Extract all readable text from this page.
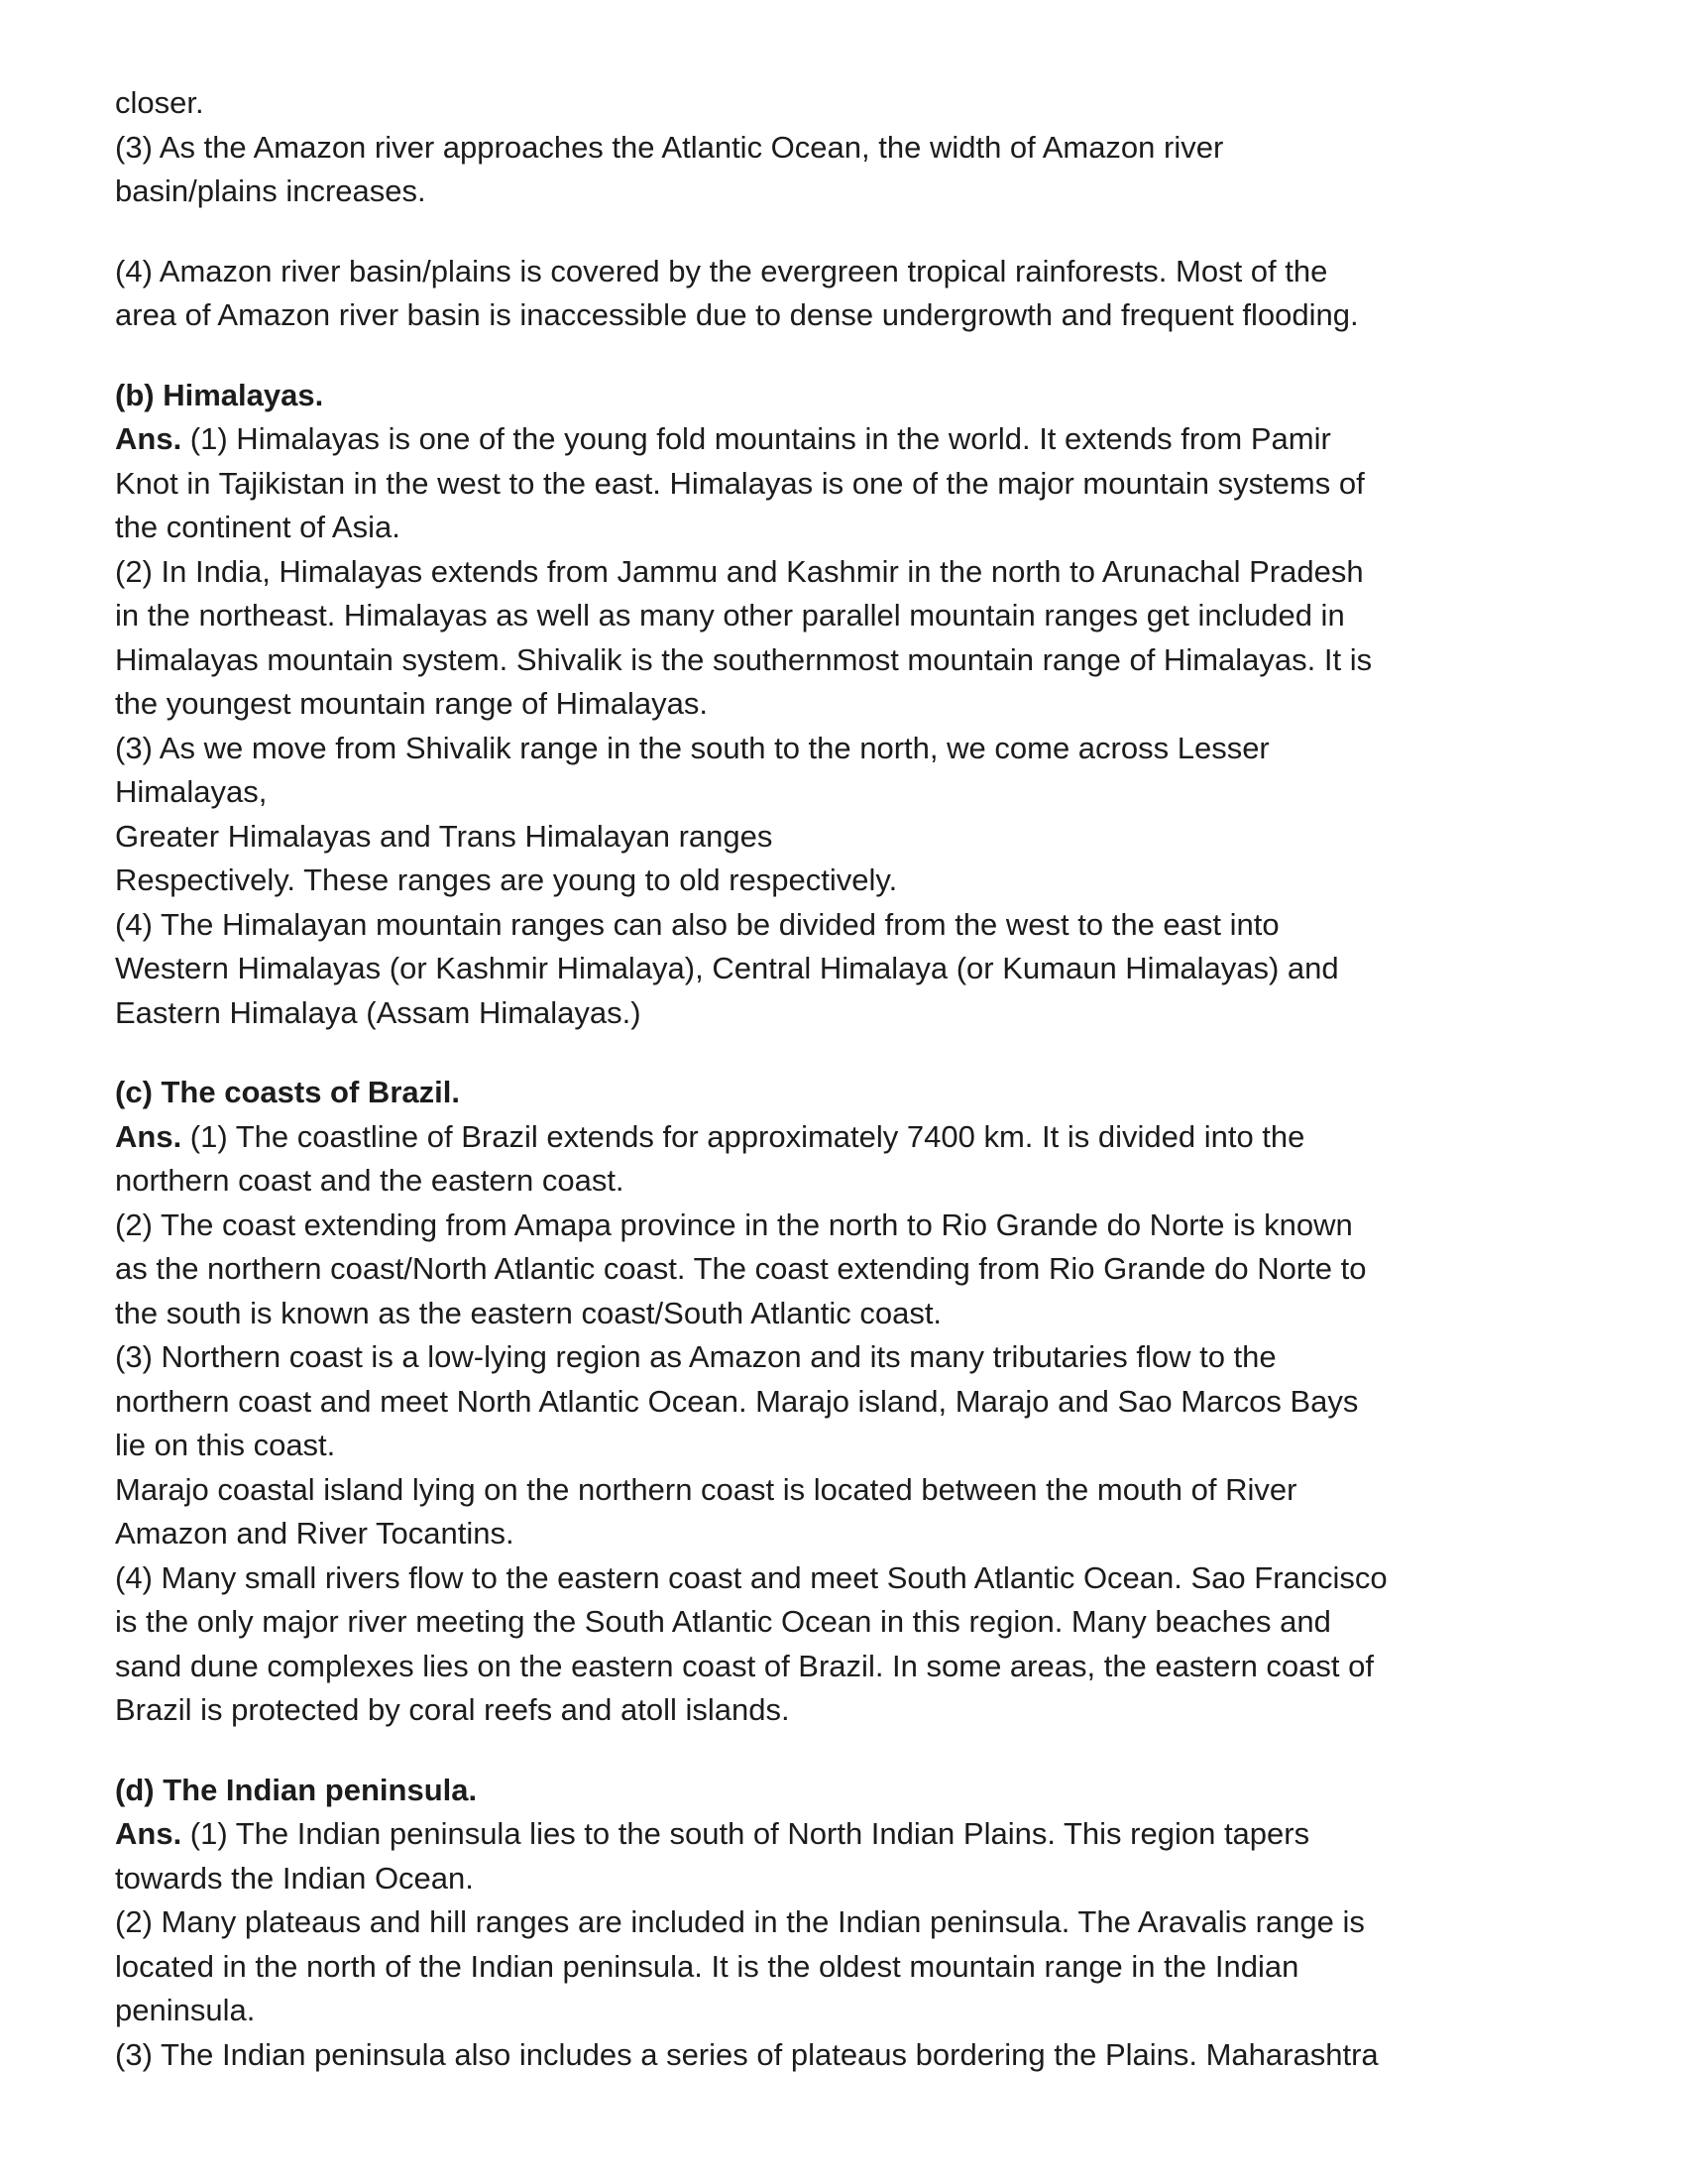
closer.
(3) As the Amazon river approaches the Atlantic Ocean, the width of Amazon river
basin/plains increases.
(4) Amazon river basin/plains is covered by the evergreen tropical rainforests. Most of the
area of Amazon river basin is inaccessible due to dense undergrowth and frequent flooding.
(b) Himalayas.
Ans. (1) Himalayas is one of the young fold mountains in the world. It extends from Pamir
Knot in Tajikistan in the west to the east. Himalayas is one of the major mountain systems of
the continent of Asia.
(2) In India, Himalayas extends from Jammu and Kashmir in the north to Arunachal Pradesh
in the northeast. Himalayas as well as many other parallel mountain ranges get included in
Himalayas mountain system. Shivalik is the southernmost mountain range of Himalayas. It is
the youngest mountain range of Himalayas.
(3) As we move from Shivalik range in the south to the north, we come across Lesser
Himalayas,
Greater Himalayas and Trans Himalayan ranges
Respectively. These ranges are young to old respectively.
(4) The Himalayan mountain ranges can also be divided from the west to the east into
Western Himalayas (or Kashmir Himalaya), Central Himalaya (or Kumaun Himalayas) and
Eastern Himalaya (Assam Himalayas.)
(c) The coasts of Brazil.
Ans. (1) The coastline of Brazil extends for approximately 7400 km. It is divided into the
northern coast and the eastern coast.
(2) The coast extending from Amapa province in the north to Rio Grande do Norte is known
as the northern coast/North Atlantic coast. The coast extending from Rio Grande do Norte to
the south is known as the eastern coast/South Atlantic coast.
(3) Northern coast is a low-lying region as Amazon and its many tributaries flow to the
northern coast and meet North Atlantic Ocean. Marajo island, Marajo and Sao Marcos Bays
lie on this coast.
Marajo coastal island lying on the northern coast is located between the mouth of River
Amazon and River Tocantins.
(4) Many small rivers flow to the eastern coast and meet South Atlantic Ocean. Sao Francisco
is the only major river meeting the South Atlantic Ocean in this region. Many beaches and
sand dune complexes lies on the eastern coast of Brazil. In some areas, the eastern coast of
Brazil is protected by coral reefs and atoll islands.
(d) The Indian peninsula.
Ans. (1) The Indian peninsula lies to the south of North Indian Plains. This region tapers
towards the Indian Ocean.
(2) Many plateaus and hill ranges are included in the Indian peninsula. The Aravalis range is
located in the north of the Indian peninsula. It is the oldest mountain range in the Indian
peninsula.
(3) The Indian peninsula also includes a series of plateaus bordering the Plains. Maharashtra
